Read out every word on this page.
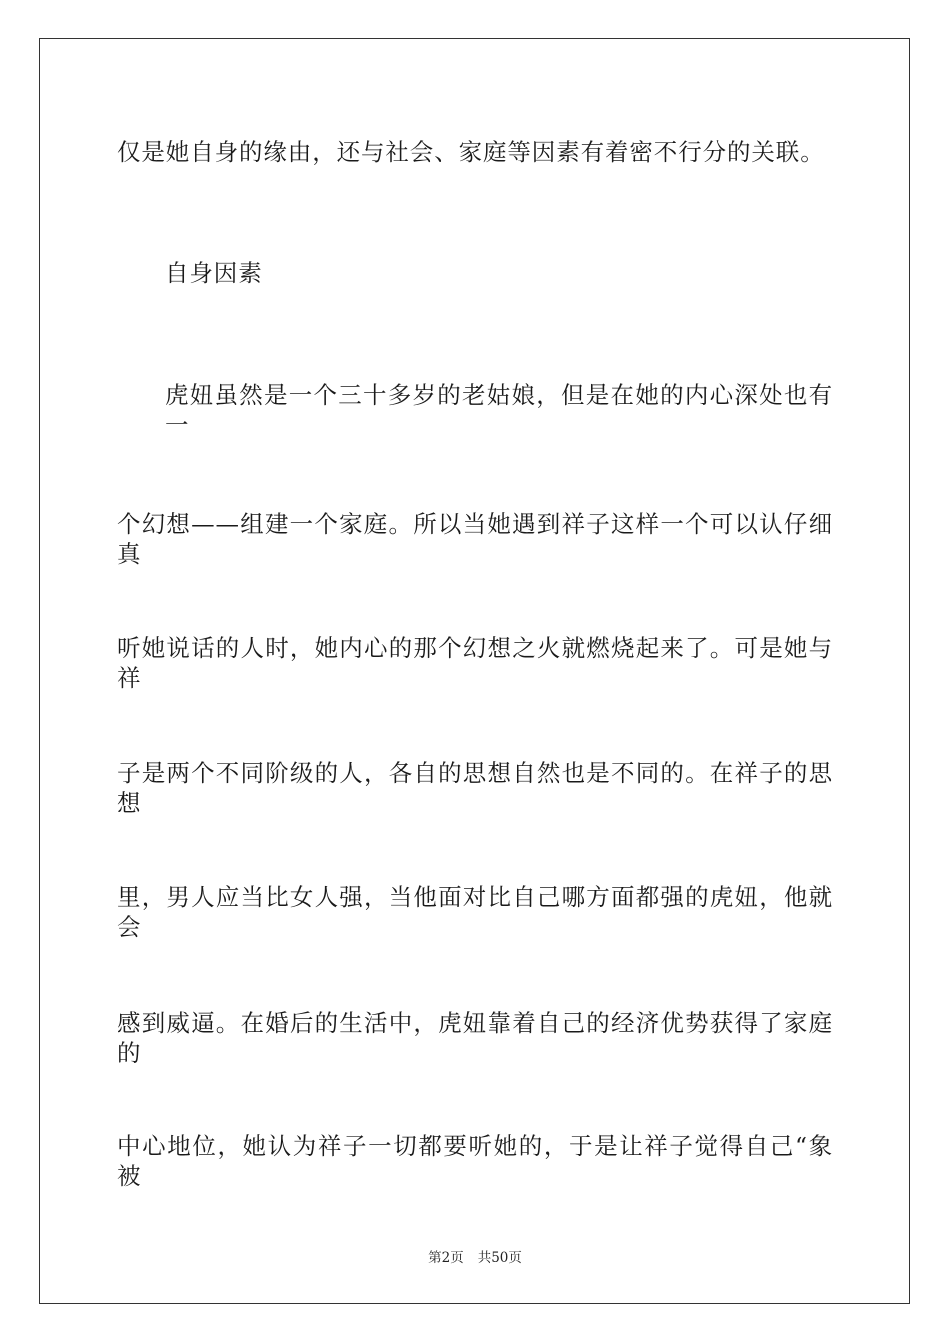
仅是她自身的缘由，还与社会、家庭等因素有着密不行分的关联。
自身因素
虎妞虽然是一个三十多岁的老姑娘，但是在她的内心深处也有一
个幻想——组建一个家庭。所以当她遇到祥子这样一个可以认仔细真
听她说话的人时，她内心的那个幻想之火就燃烧起来了。可是她与祥
子是两个不同阶级的人，各自的思想自然也是不同的。在祥子的思想
里，男人应当比女人强，当他面对比自己哪方面都强的虎妞，他就会
感到威逼。在婚后的生活中，虎妞靠着自己的经济优势获得了家庭的
中心地位，她认为祥子一切都要听她的，于是让祥子觉得自己“象被
第2页 共50页
